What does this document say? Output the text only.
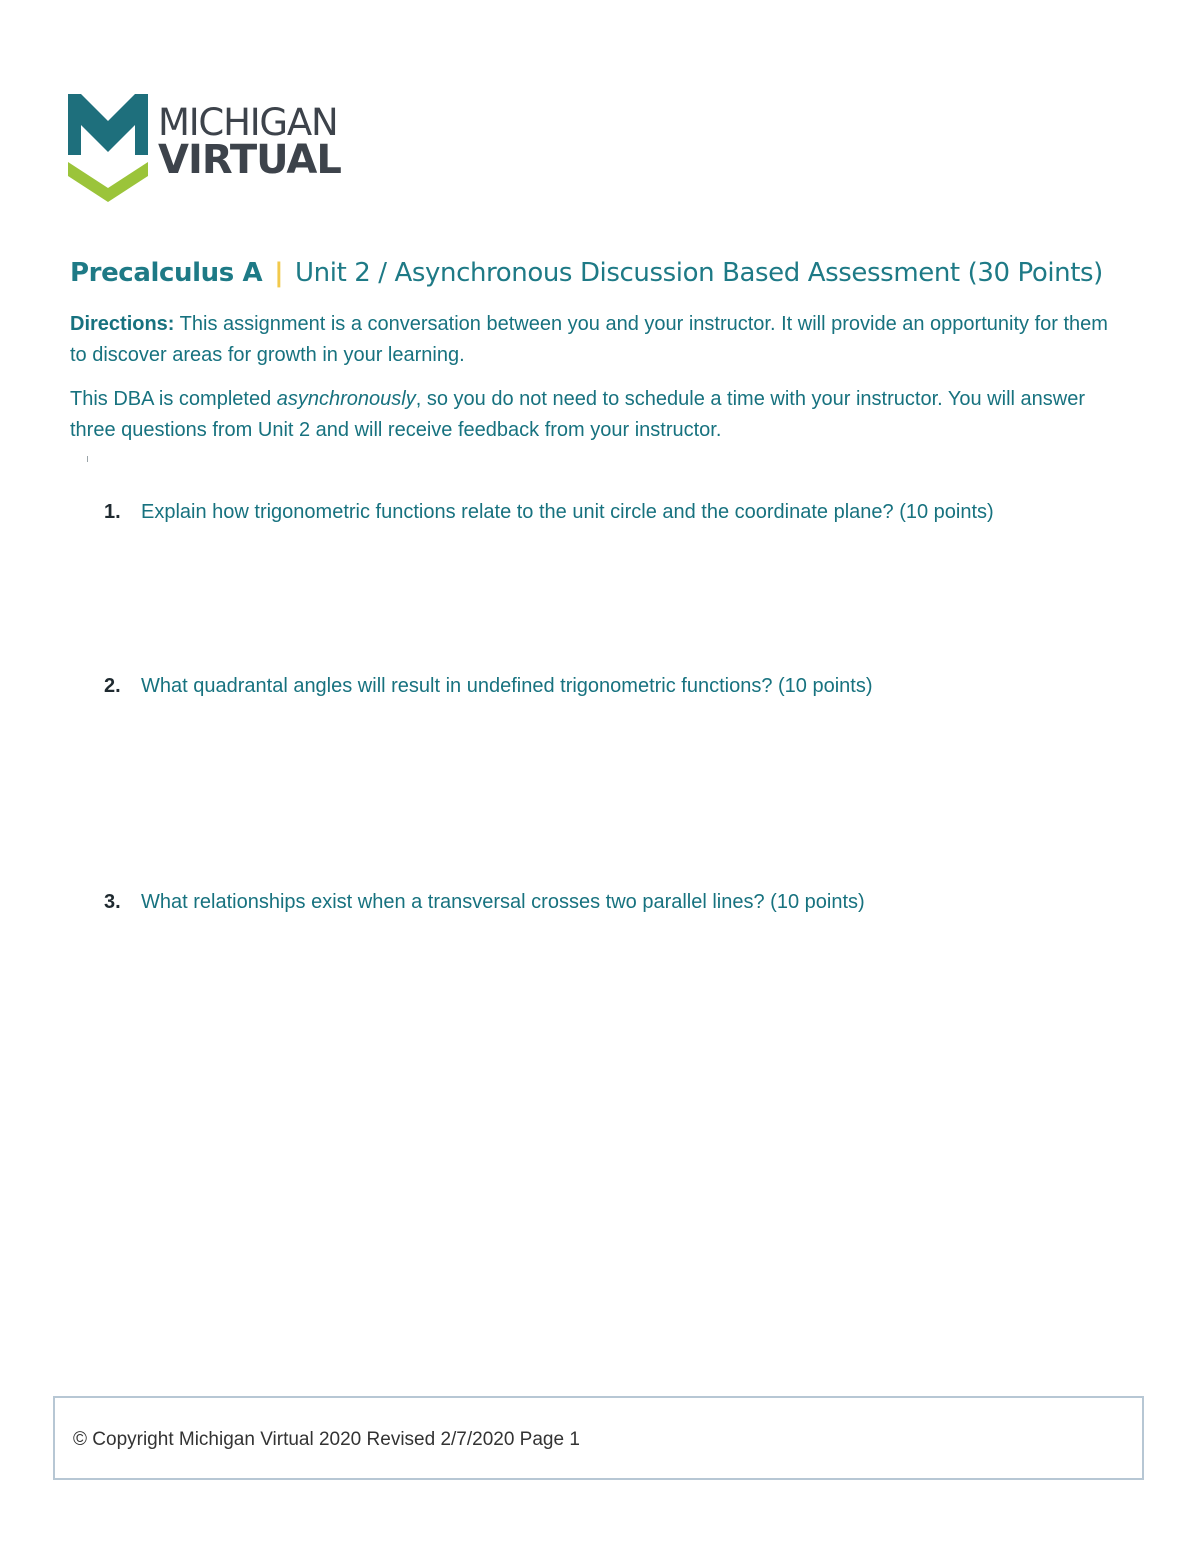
MICHIGAN
VIRTUAL
Precalculus A | Unit 2 / Asynchronous Discussion Based Assessment (30 Points)

Directions: This assignment is a conversation between you and your instructor. It will provide an opportunity for them to discover areas for growth in your learning.

This DBA is completed asynchronously, so you do not need to schedule a time with your instructor. You will answer three questions from Unit 2 and will receive feedback from your instructor.

1. Explain how trigonometric functions relate to the unit circle and the coordinate plane? (10 points)
2. What quadrantal angles will result in undefined trigonometric functions? (10 points)
3. What relationships exist when a transversal crosses two parallel lines? (10 points)
© Copyright Michigan Virtual 2020 Revised 2/7/2020 Page 1
